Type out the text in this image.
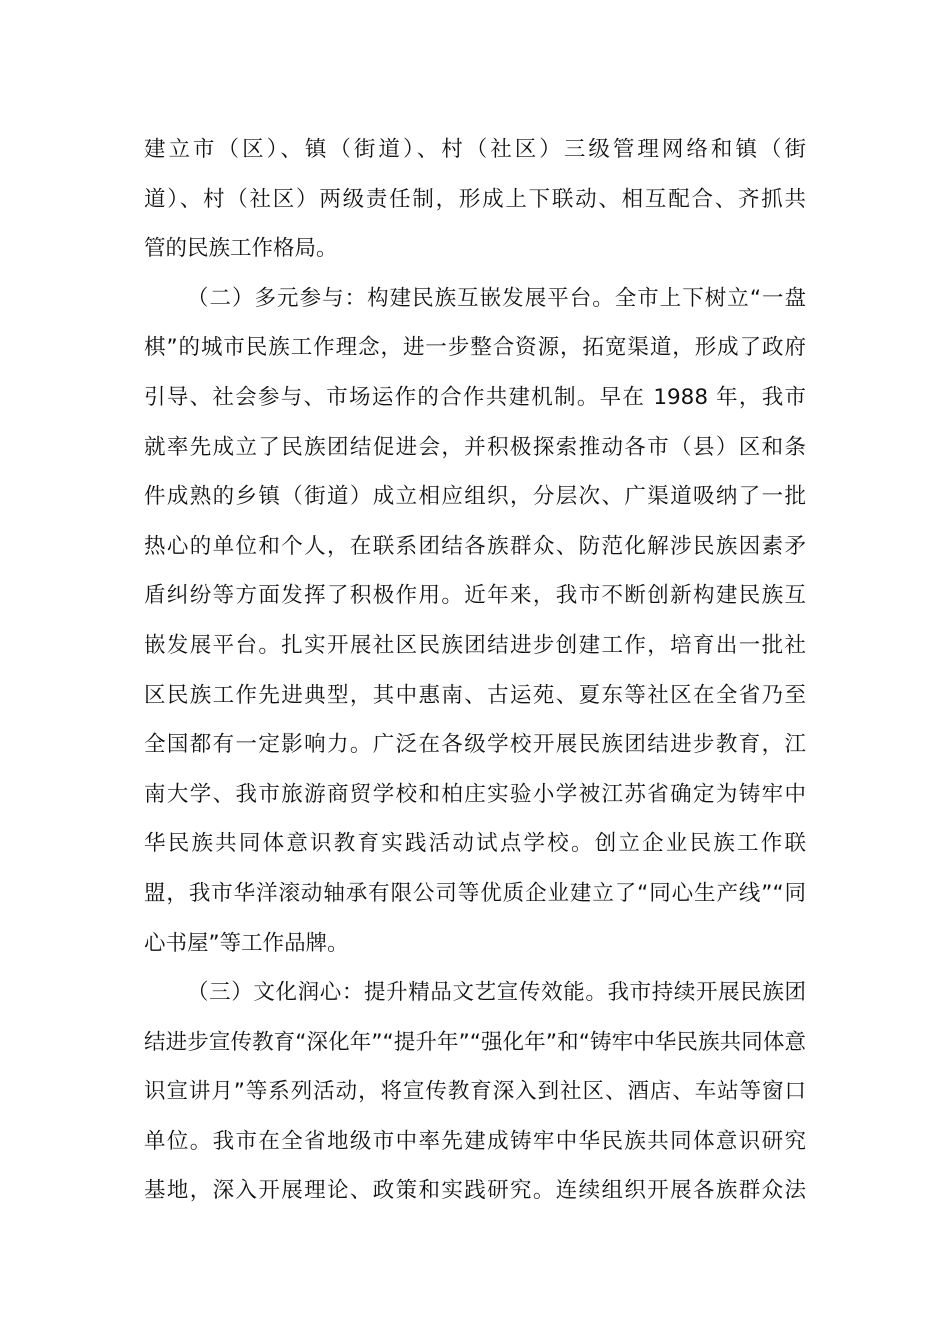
建立市（区）、镇（街道）、村（社区）三级管理网络和镇（街
道）、村（社区）两级责任制，形成上下联动、相互配合、齐抓共
管的民族工作格局。
（二）多元参与：构建民族互嵌发展平台。全市上下树立“一盘
棋”的城市民族工作理念，进一步整合资源，拓宽渠道，形成了政府
引导、社会参与、市场运作的合作共建机制。早在 1988 年，我市
就率先成立了民族团结促进会，并积极探索推动各市（县）区和条
件成熟的乡镇（街道）成立相应组织，分层次、广渠道吸纳了一批
热心的单位和个人，在联系团结各族群众、防范化解涉民族因素矛
盾纠纷等方面发挥了积极作用。近年来，我市不断创新构建民族互
嵌发展平台。扎实开展社区民族团结进步创建工作，培育出一批社
区民族工作先进典型，其中惠南、古运苑、夏东等社区在全省乃至
全国都有一定影响力。广泛在各级学校开展民族团结进步教育，江
南大学、我市旅游商贸学校和柏庄实验小学被江苏省确定为铸牢中
华民族共同体意识教育实践活动试点学校。创立企业民族工作联
盟，我市华洋滚动轴承有限公司等优质企业建立了“同心生产线”“同
心书屋”等工作品牌。
（三）文化润心：提升精品文艺宣传效能。我市持续开展民族团
结进步宣传教育“深化年”“提升年”“强化年”和“铸牢中华民族共同体意
识宣讲月”等系列活动，将宣传教育深入到社区、酒店、车站等窗口
单位。我市在全省地级市中率先建成铸牢中华民族共同体意识研究
基地，深入开展理论、政策和实践研究。连续组织开展各族群众法
